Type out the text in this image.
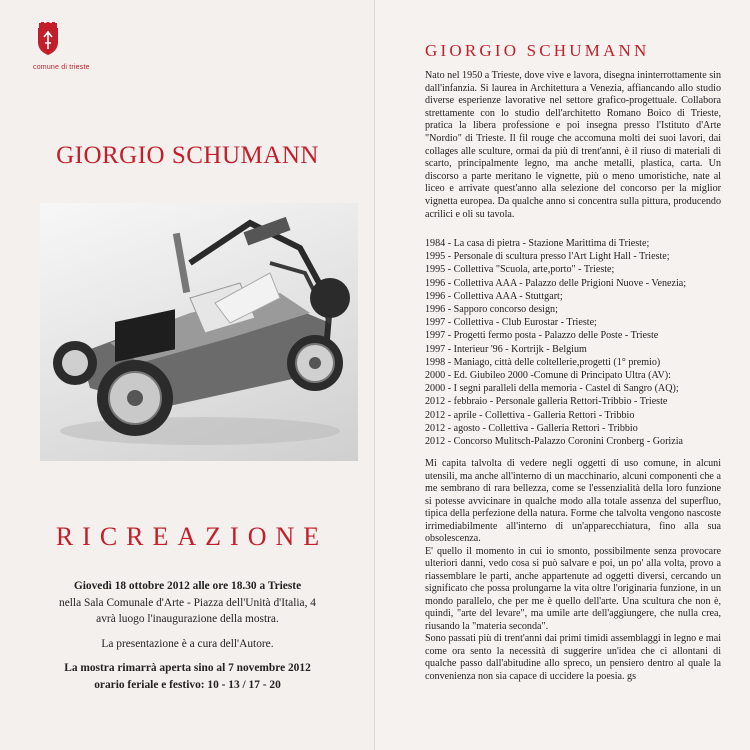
comune di trieste
GIORGIO SCHUMANN
RICREAZIONE
Giovedì 18 ottobre 2012 alle ore 18.30 a Trieste
nella Sala Comunale d'Arte - Piazza dell'Unità d'Italia, 4
avrà luogo l'inaugurazione della mostra.
La presentazione è a cura dell'Autore.
La mostra rimarrà aperta sino al 7 novembre 2012
orario feriale e festivo: 10 - 13 / 17 - 20
GIORGIO SCHUMANN
Nato nel 1950 a Trieste, dove vive e lavora, disegna ininterrottamente sin dall'infanzia. Si laurea in Architettura a Venezia, affiancando allo studio diverse esperienze lavorative nel settore grafico-progettuale. Collabora strettamente con lo studio dell'architetto Romano Boico di Trieste, pratica la libera professione e poi insegna presso l'Istituto d'Arte "Nordio" di Trieste. Il fil rouge che accomuna molti dei suoi lavori, dai collages alle sculture, ormai da più di trent'anni, è il riuso di materiali di scarto, principalmente legno, ma anche metalli, plastica, carta. Un discorso a parte meritano le vignette, più o meno umoristiche, nate al liceo e arrivate quest'anno alla selezione del concorso per la miglior vignetta europea. Da qualche anno si concentra sulla pittura, producendo acrilici e oli su tavola.
1984 - La casa di pietra - Stazione Marittima di Trieste;
1995 - Personale di scultura presso l'Art Light Hall - Trieste;
1995 - Collettiva "Scuola, arte,porto" - Trieste;
1996 - Collettiva AAA - Palazzo delle Prigioni Nuove - Venezia;
1996 - Collettiva AAA - Stuttgart;
1996 - Sapporo concorso design;
1997 - Collettiva - Club Eurostar - Trieste;
1997 - Progetti fermo posta - Palazzo delle Poste - Trieste
1997 - Interieur '96 - Kortrijk - Belgium
1998 - Maniago, città delle coltellerie,progetti (1° premio)
2000 - Ed. Giubileo 2000 -Comune di Principato Ultra (AV):
2000 - I segni paralleli della memoria - Castel di Sangro (AQ);
2012 - febbraio - Personale galleria Rettori-Tribbio - Trieste
2012 - aprile - Collettiva - Galleria Rettori - Tribbio
2012 - agosto - Collettiva - Galleria Rettori - Tribbio
2012 - Concorso Mulitsch-Palazzo Coronini Cronberg - Gorizia

Mi capita talvolta di vedere negli oggetti di uso comune, in alcuni utensili, ma anche all'interno di un macchinario, alcuni componenti che a me sembrano di rara bellezza, come se l'essenzialità della loro funzione si potesse avvicinare in qualche modo alla totale assenza del superfluo, tipica della perfezione della natura. Forme che talvolta vengono nascoste irrimediabilmente all'interno di un'apparecchiatura, fino alla sua obsolescenza.

E' quello il momento in cui io smonto, possibilmente senza provocare ulteriori danni, vedo cosa si può salvare e poi, un po' alla volta, provo a riassemblare le parti, anche appartenute ad oggetti diversi, cercando un significato che possa prolungarne la vita oltre l'originaria funzione, in un mondo parallelo, che per me è quello dell'arte. Una scultura che non è, quindi, "arte del levare", ma umile arte dell'aggiungere, che nulla crea, riusando la "materia seconda".

Sono passati più di trent'anni dai primi timidi assemblaggi in legno e mai come ora sento la necessità di suggerire un'idea che ci allontani di qualche passo dall'abitudine allo spreco, un pensiero dentro al quale la convenienza non sia capace di uccidere la poesia. gs
